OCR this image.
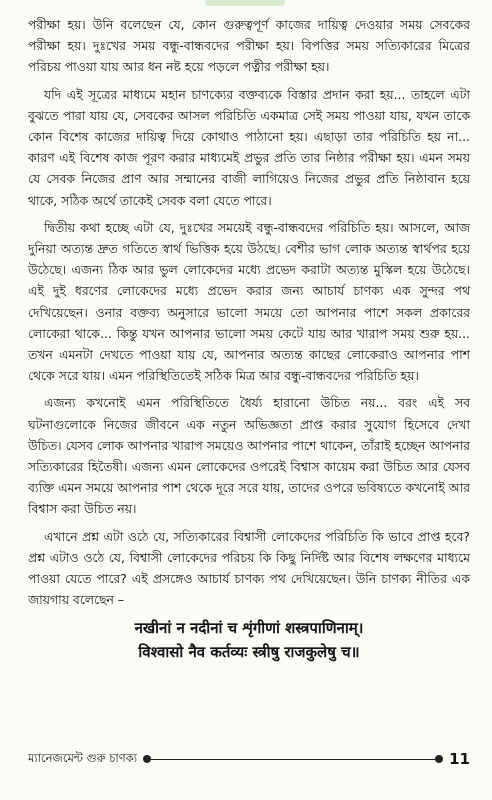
পরীক্ষা হয়। উনি বলেছেন যে, কোন গুরুত্বপূর্ণ কাজের দায়িত্ব দেওয়ার সময় সেবকের পরীক্ষা হয়। দুঃখের সময় বন্ধু-বান্ধবদের পরীক্ষা হয়। বিপত্তির সময় সত্যিকারের মিত্রের পরিচয় পাওয়া যায় আর ধন নষ্ট হয়ে পড়লে পত্নীর পরীক্ষা হয়।

যদি এই সূত্রের মাধ্যমে মহান চাণক্যের বক্তব্যকে বিস্তার প্রদান করা হয়... তাহলে এটা বুঝতে পারা যায় যে, সেবকের আসল পরিচিতি একমাত্র সেই সময় পাওয়া যায়, যখন তাকে কোন বিশেষ কাজের দায়িত্ব দিয়ে কোথাও পাঠানো হয়। এছাড়া তার পরিচিতি হয় না... কারণ এই বিশেষ কাজ পূরণ করার মাধ্যমেই প্রভুর প্রতি তার নিষ্ঠার পরীক্ষা হয়। এমন সময় যে সেবক নিজের প্রাণ আর সম্মানের বাজী লাগিয়েও নিজের প্রভুর প্রতি নিষ্ঠাবান হয়ে থাকে, সঠিক অর্থে তাকেই সেবক বলা যেতে পারে।

দ্বিতীয় কথা হচ্ছে এটা যে, দুঃখের সময়েই বন্ধু-বান্ধবদের পরিচিতি হয়। আসলে, আজ দুনিয়া অত্যন্ত দ্রুত গতিতে স্বার্থ ভিত্তিক হয়ে উঠছে। বেশীর ভাগ লোক অত্যন্ত স্বার্থপর হয়ে উঠেছে। এজন্য ঠিক আর ভুল লোকেদের মধ্যে প্রভেদ করাটা অত্যন্ত মুস্কিল হয়ে উঠেছে। এই দুই ধরণের লোকেদের মধ্যে প্রভেদ করার জন্য আচার্য চাণক্য এক সুন্দর পথ দেখিয়েছেন। ওনার বক্তব্য অনুসারে ভালো সময়ে তো আপনার পাশে সকল প্রকারের লোকেরা থাকে... কিন্তু যখন আপনার ভালো সময় কেটে যায় আর খারাপ সময় শুরু হয়... তখন এমনটা দেখতে পাওয়া যায় যে, আপনার অত্যন্ত কাছের লোকেরাও আপনার পাশ থেকে সরে যায়। এমন পরিস্থিতিতেই সঠিক মিত্র আর বন্ধু-বান্ধবদের পরিচিতি হয়।

এজন্য কখনোই এমন পরিস্থিতিতে ধৈর্য্য হারানো উচিত নয়... বরং এই সব ঘটনাগুলোকে নিজের জীবনে এক নতুন অভিজ্ঞতা প্রাপ্ত করার সুযোগ হিসেবে দেখা উচিত। যেসব লোক আপনার খারাপ সময়েও আপনার পাশে থাকেন, তাঁরাই হচ্ছেন আপনার সত্যিকারের হিতৈষী। এজন্য এমন লোকেদের ওপরেই বিশ্বাস কায়েম করা উচিত আর যেসব ব্যক্তি এমন সময়ে আপনার পাশ থেকে দূরে সরে যায়, তাদের ওপরে ভবিষ্যতে কখনোই আর বিশ্বাস করা উচিত নয়।

এখানে প্রশ্ন এটা ওঠে যে, সত্যিকারের বিশ্বাসী লোকেদের পরিচিতি কি ভাবে প্রাপ্ত হবে? প্রশ্ন এটাও ওঠে যে, বিশ্বাসী লোকেদের পরিচয় কি কিছু নির্দিষ্ট আর বিশেষ লক্ষণের মাধ্যমে পাওয়া যেতে পারে? এই প্রসঙ্গেও আচার্য চাণক্য পথ দেখিয়েছেন। উনি চাণক্য নীতির এক জায়গায় বলেছেন –

नखीनां न नदीनां च शृंगीणां शस्त्रपाणिनाम्।

विश्वासो नैव कर्तव्यः स्त्रीषु राजकुलेषु च॥

ম্যানেজমেন্ট গুরু চাণক্য	11
